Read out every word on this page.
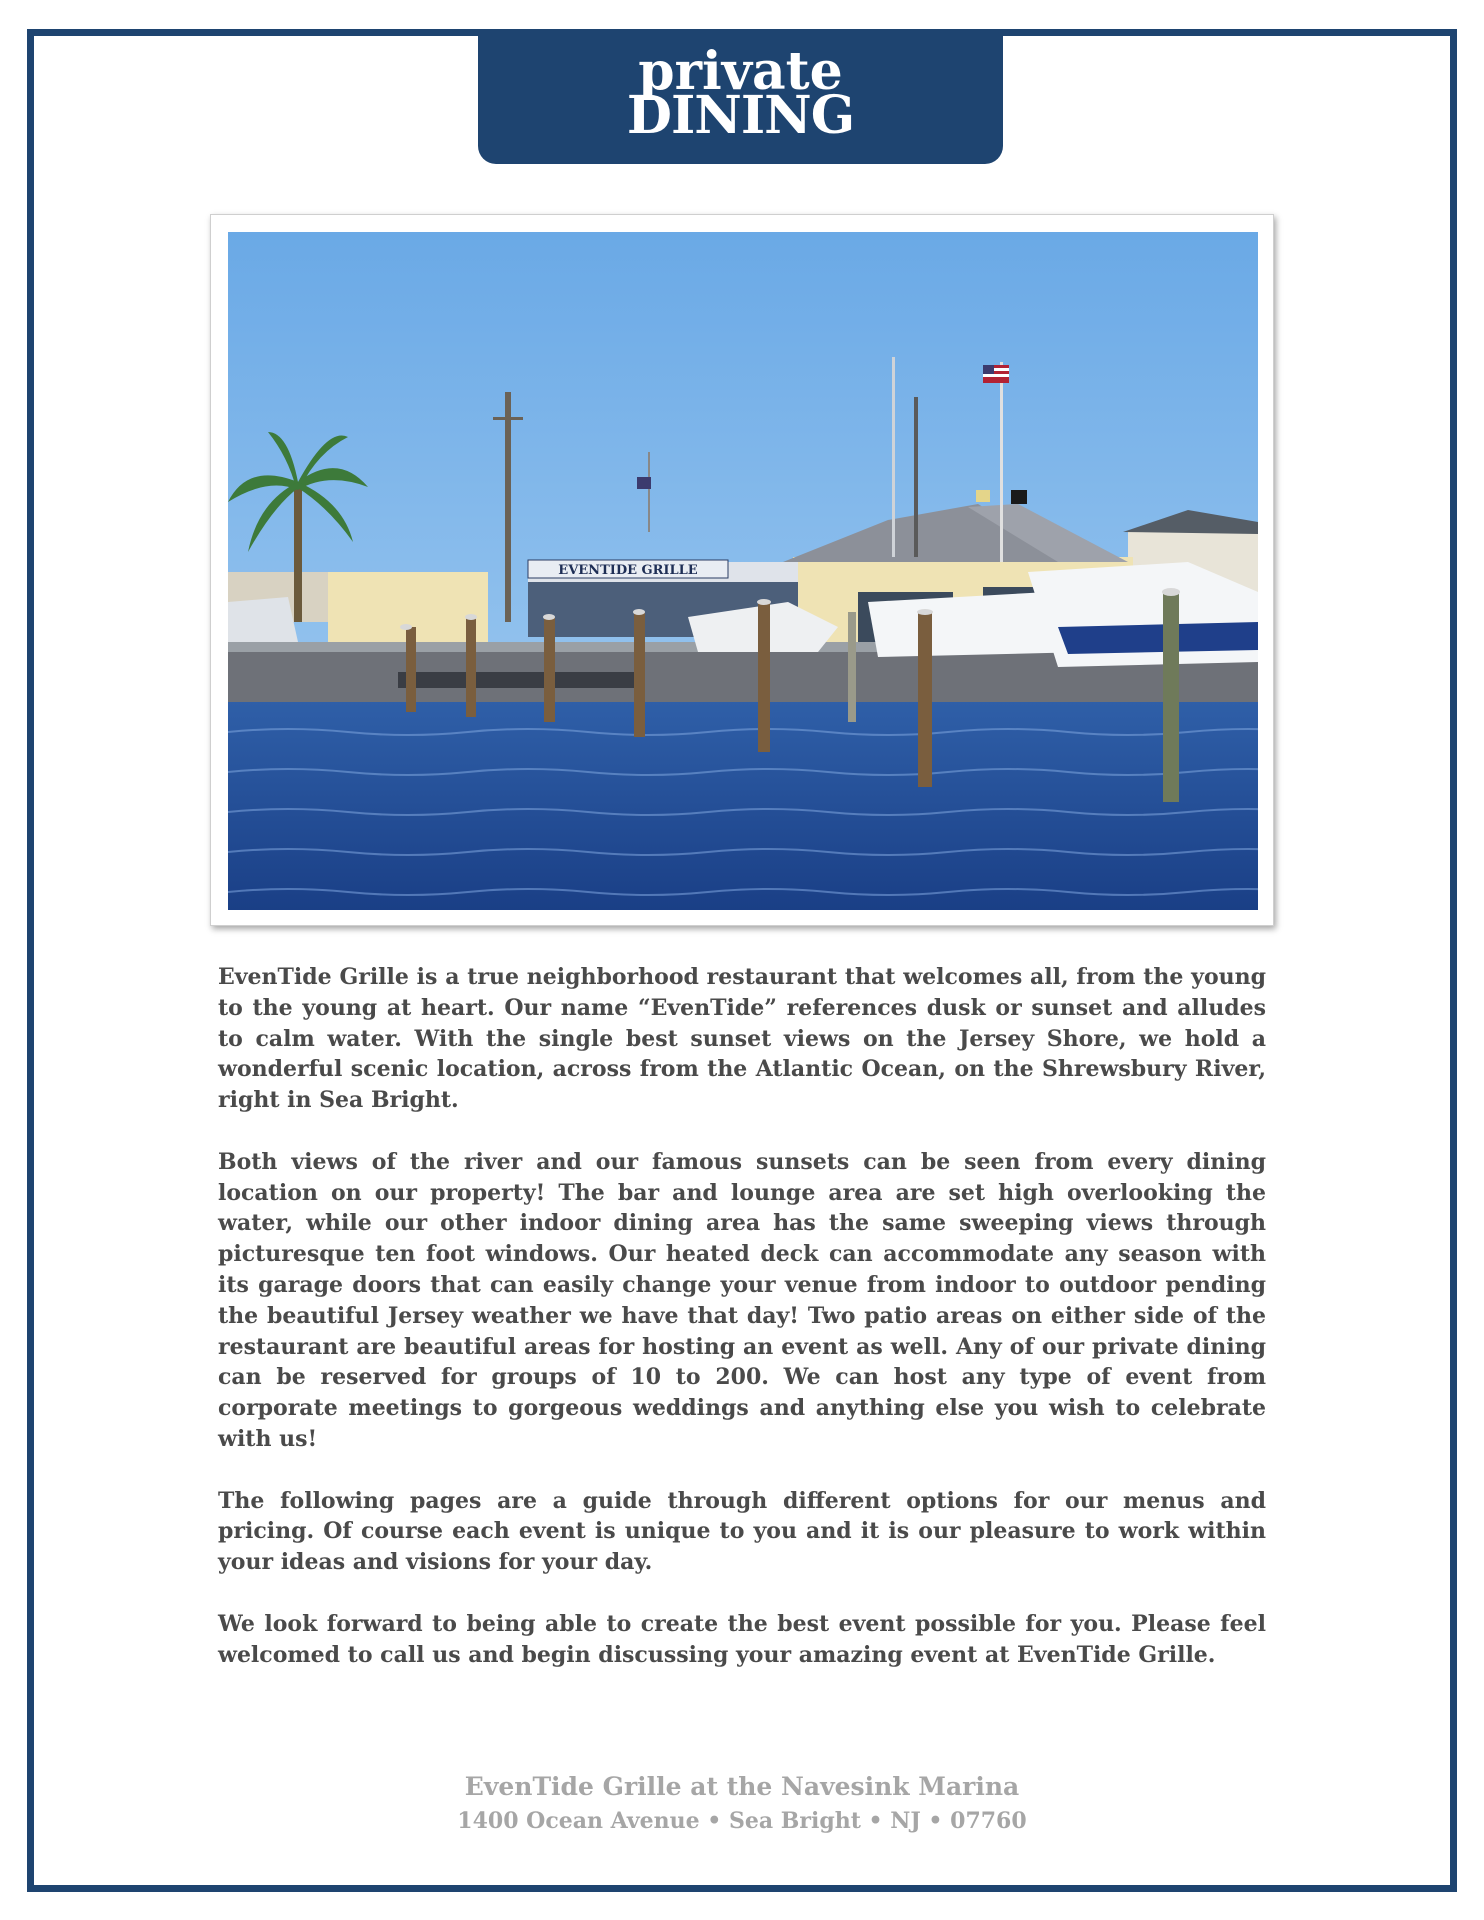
private
DINING
EVENTIDE GRILLE

EvenTide Grille is a true neighborhood restaurant that welcomes all, from the young to the young at heart. Our name “EvenTide” references dusk or sunset and alludes to calm water. With the single best sunset views on the Jersey Shore, we hold a wonderful scenic location, across from the Atlantic Ocean, on the Shrewsbury River, right in Sea Bright.

Both views of the river and our famous sunsets can be seen from every dining location on our property! The bar and lounge area are set high overlooking the water, while our other indoor dining area has the same sweeping views through picturesque ten foot windows. Our heated deck can accommodate any season with its garage doors that can easily change your venue from indoor to outdoor pending the beautiful Jersey weather we have that day! Two patio areas on either side of the restaurant are beautiful areas for hosting an event as well. Any of our private dining can be reserved for groups of 10 to 200. We can host any type of event from corporate meetings to gorgeous weddings and anything else you wish to celebrate with us!

The following pages are a guide through different options for our menus and pricing. Of course each event is unique to you and it is our pleasure to work within your ideas and visions for your day.

We look forward to being able to create the best event possible for you. Please feel welcomed to call us and begin discussing your amazing event at EvenTide Grille.

EvenTide Grille at the Navesink Marina
1400 Ocean Avenue • Sea Bright • NJ • 07760
